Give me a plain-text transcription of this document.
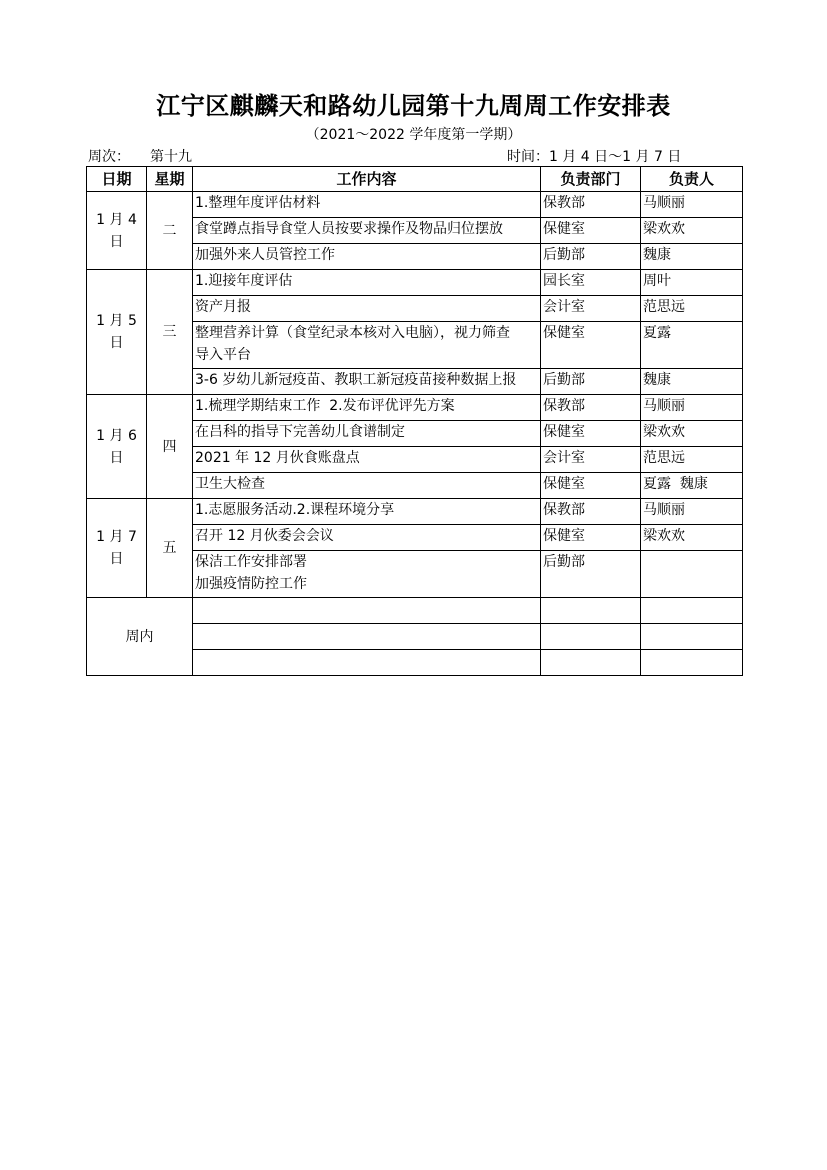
江宁区麒麟天和路幼儿园第十九周周工作安排表
（2021～2022 学年度第一学期）
周次： 第十九	时间：1 月 4 日～1 月 7 日
日期	星期	工作内容	负责部门	负责人
1 月 4 日	二	1.整理年度评估材料	保教部	马顺丽
		食堂蹲点指导食堂人员按要求操作及物品归位摆放	保健室	梁欢欢
		加强外来人员管控工作	后勤部	魏康
1 月 5 日	三	1.迎接年度评估	园长室	周叶
		资产月报	会计室	范思远

		整理营养计算（食堂纪录本核对入电脑），视力筛查
导入平台	保健室	夏露
		3-6 岁幼儿新冠疫苗、教职工新冠疫苗接种数据上报	后勤部	魏康
1 月 6 日	四	1.梳理学期结束工作  2.发布评优评先方案	保教部	马顺丽
		在吕科的指导下完善幼儿食谱制定	保健室	梁欢欢
		2021 年 12 月伙食账盘点	会计室	范思远
		卫生大检查	保健室	夏露  魏康
1 月 7 日	五	1.志愿服务活动.2.课程环境分享	保教部	马顺丽
		召开 12 月伙委会会议	保健室	梁欢欢

		保洁工作安排部署
加强疫情防控工作	后勤部	
周内				
